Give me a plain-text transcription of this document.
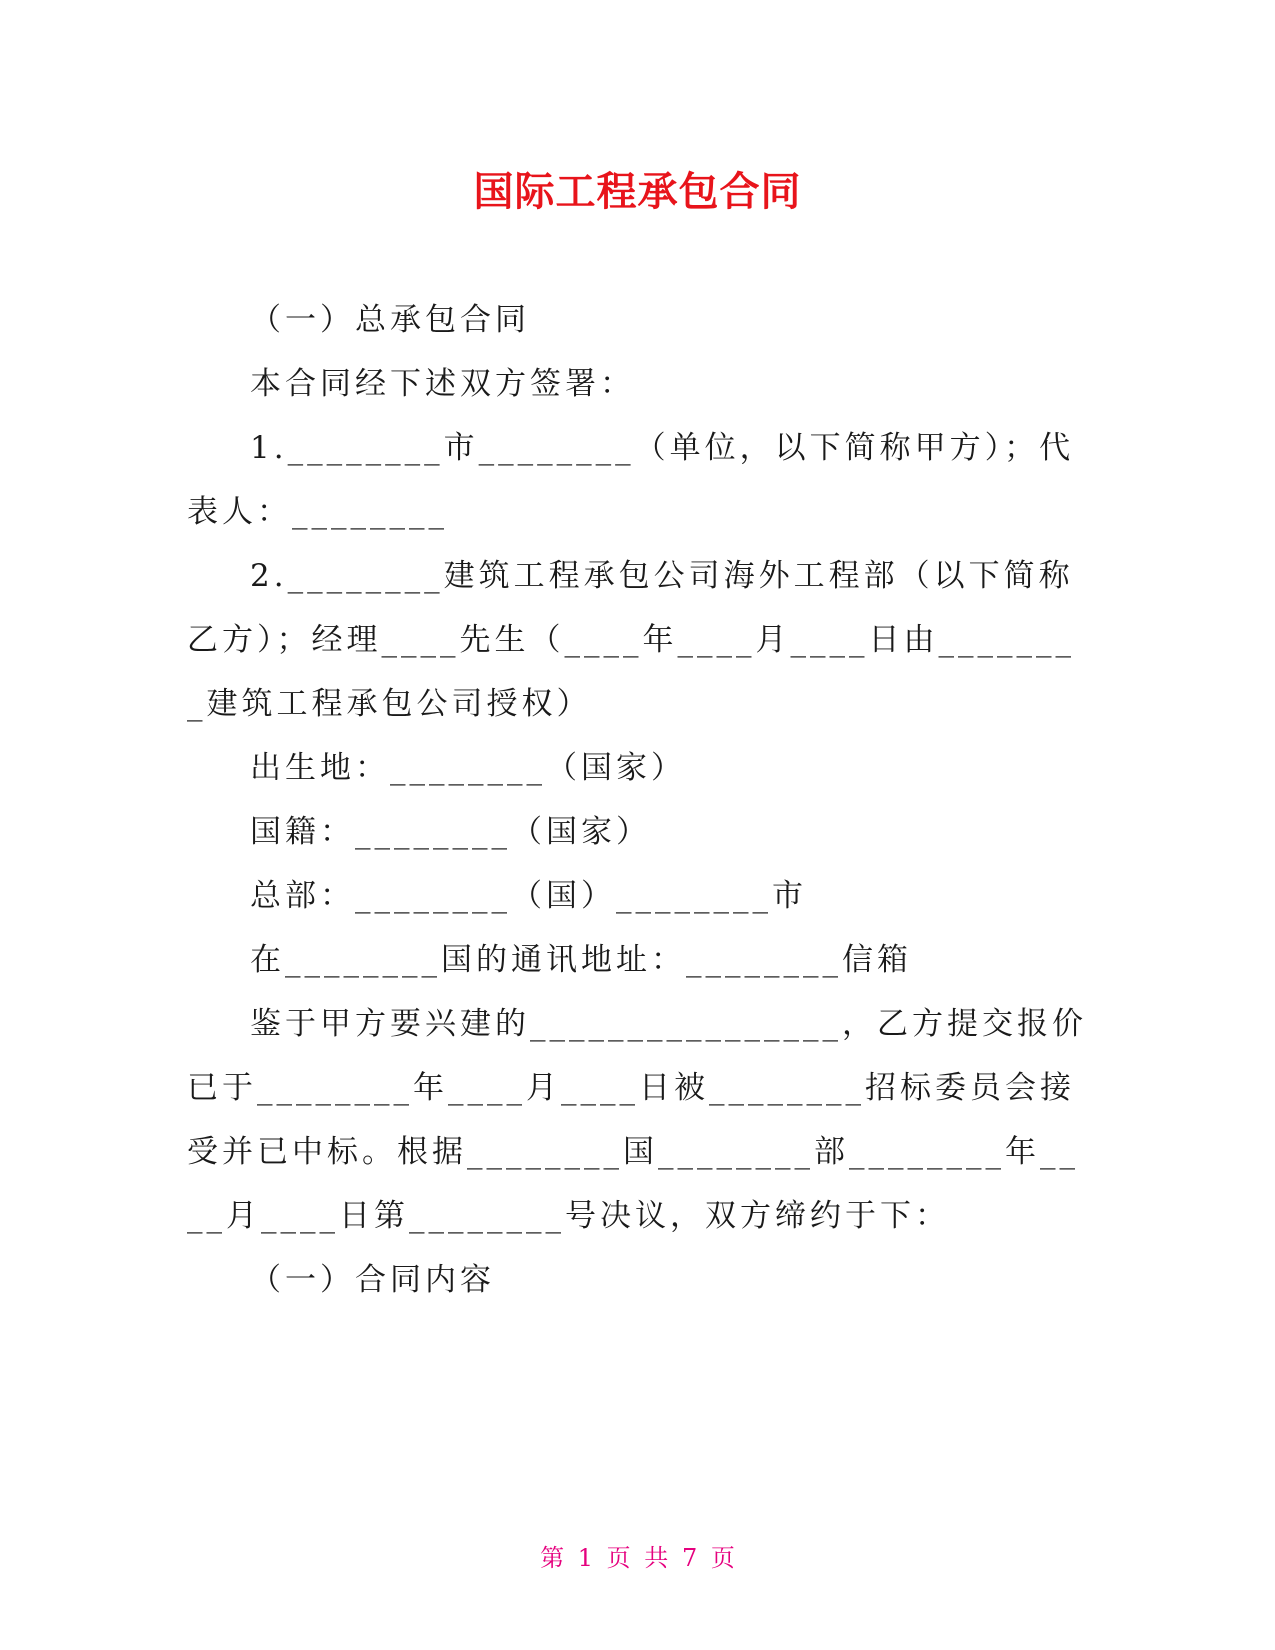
国际工程承包合同

（一）总承包合同

本合同经下述双方签署：

1.________市________（单位，以下简称甲方）；代表人：________

2.________建筑工程承包公司海外工程部（以下简称乙方）；经理____先生（____年____月____日由________建筑工程承包公司授权）

出生地：________（国家）

国籍：________（国家）

总部：________（国）________市

在________国的通讯地址：________信箱

鉴于甲方要兴建的________________，乙方提交报价已于________年____月____日被________招标委员会接受并已中标。根据________国________部________年____月____日第________号决议，双方缔约于下：

（一）合同内容

第 1 页 共 7 页
